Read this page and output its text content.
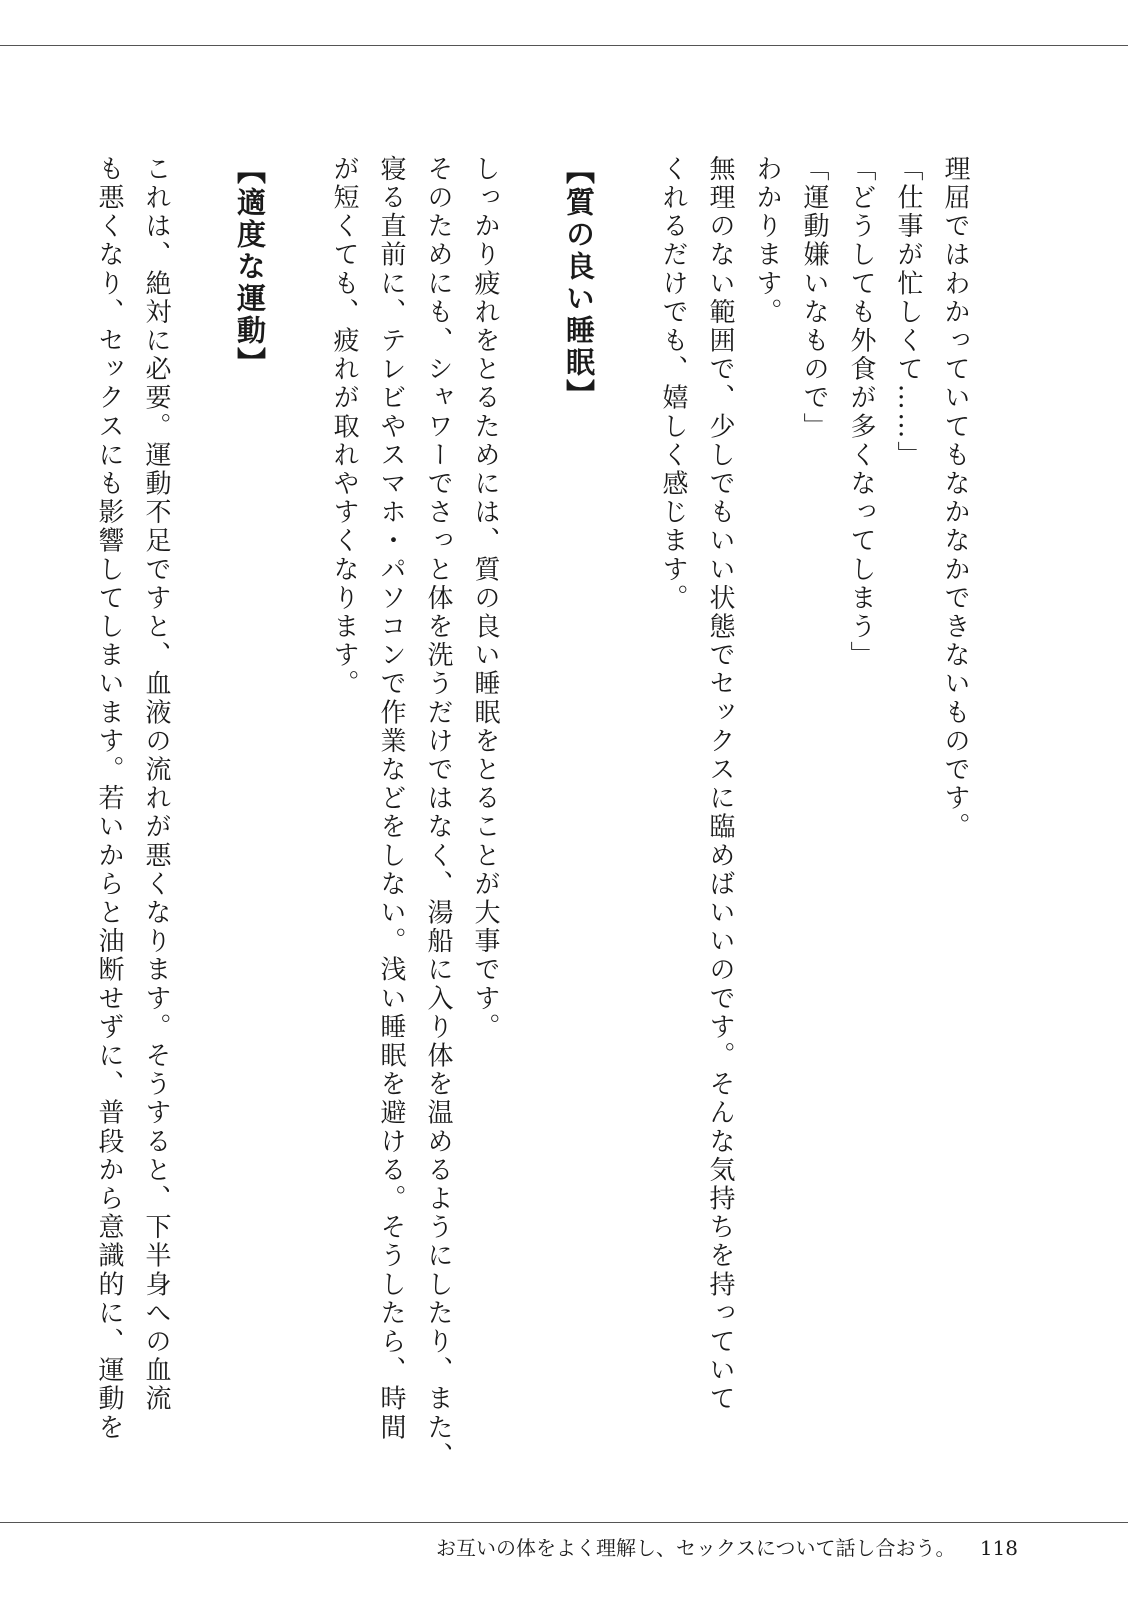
理屈ではわかっていてもなかなかできないものです。

「仕事が忙しくて……」

「どうしても外食が多くなってしまう」

「運動嫌いなもので」

わかります。

無理のない範囲で、少しでもいい状態でセックスに臨めばいいのです。そんな気持ちを持っていて

くれるだけでも、嬉しく感じます。

【質の良い睡眠】

しっかり疲れをとるためには、質の良い睡眠をとることが大事です。

そのためにも、シャワーでさっと体を洗うだけではなく、湯船に入り体を温めるようにしたり、また、

寝る直前に、テレビやスマホ・パソコンで作業などをしない。浅い睡眠を避ける。そうしたら、時間

が短くても、疲れが取れやすくなります。

【適度な運動】

これは、絶対に必要。運動不足ですと、血液の流れが悪くなります。そうすると、下半身への血流

も悪くなり、セックスにも影響してしまいます。若いからと油断せずに、普段から意識的に、運動を

お互いの体をよく理解し、セックスについて話し合おう。 118
